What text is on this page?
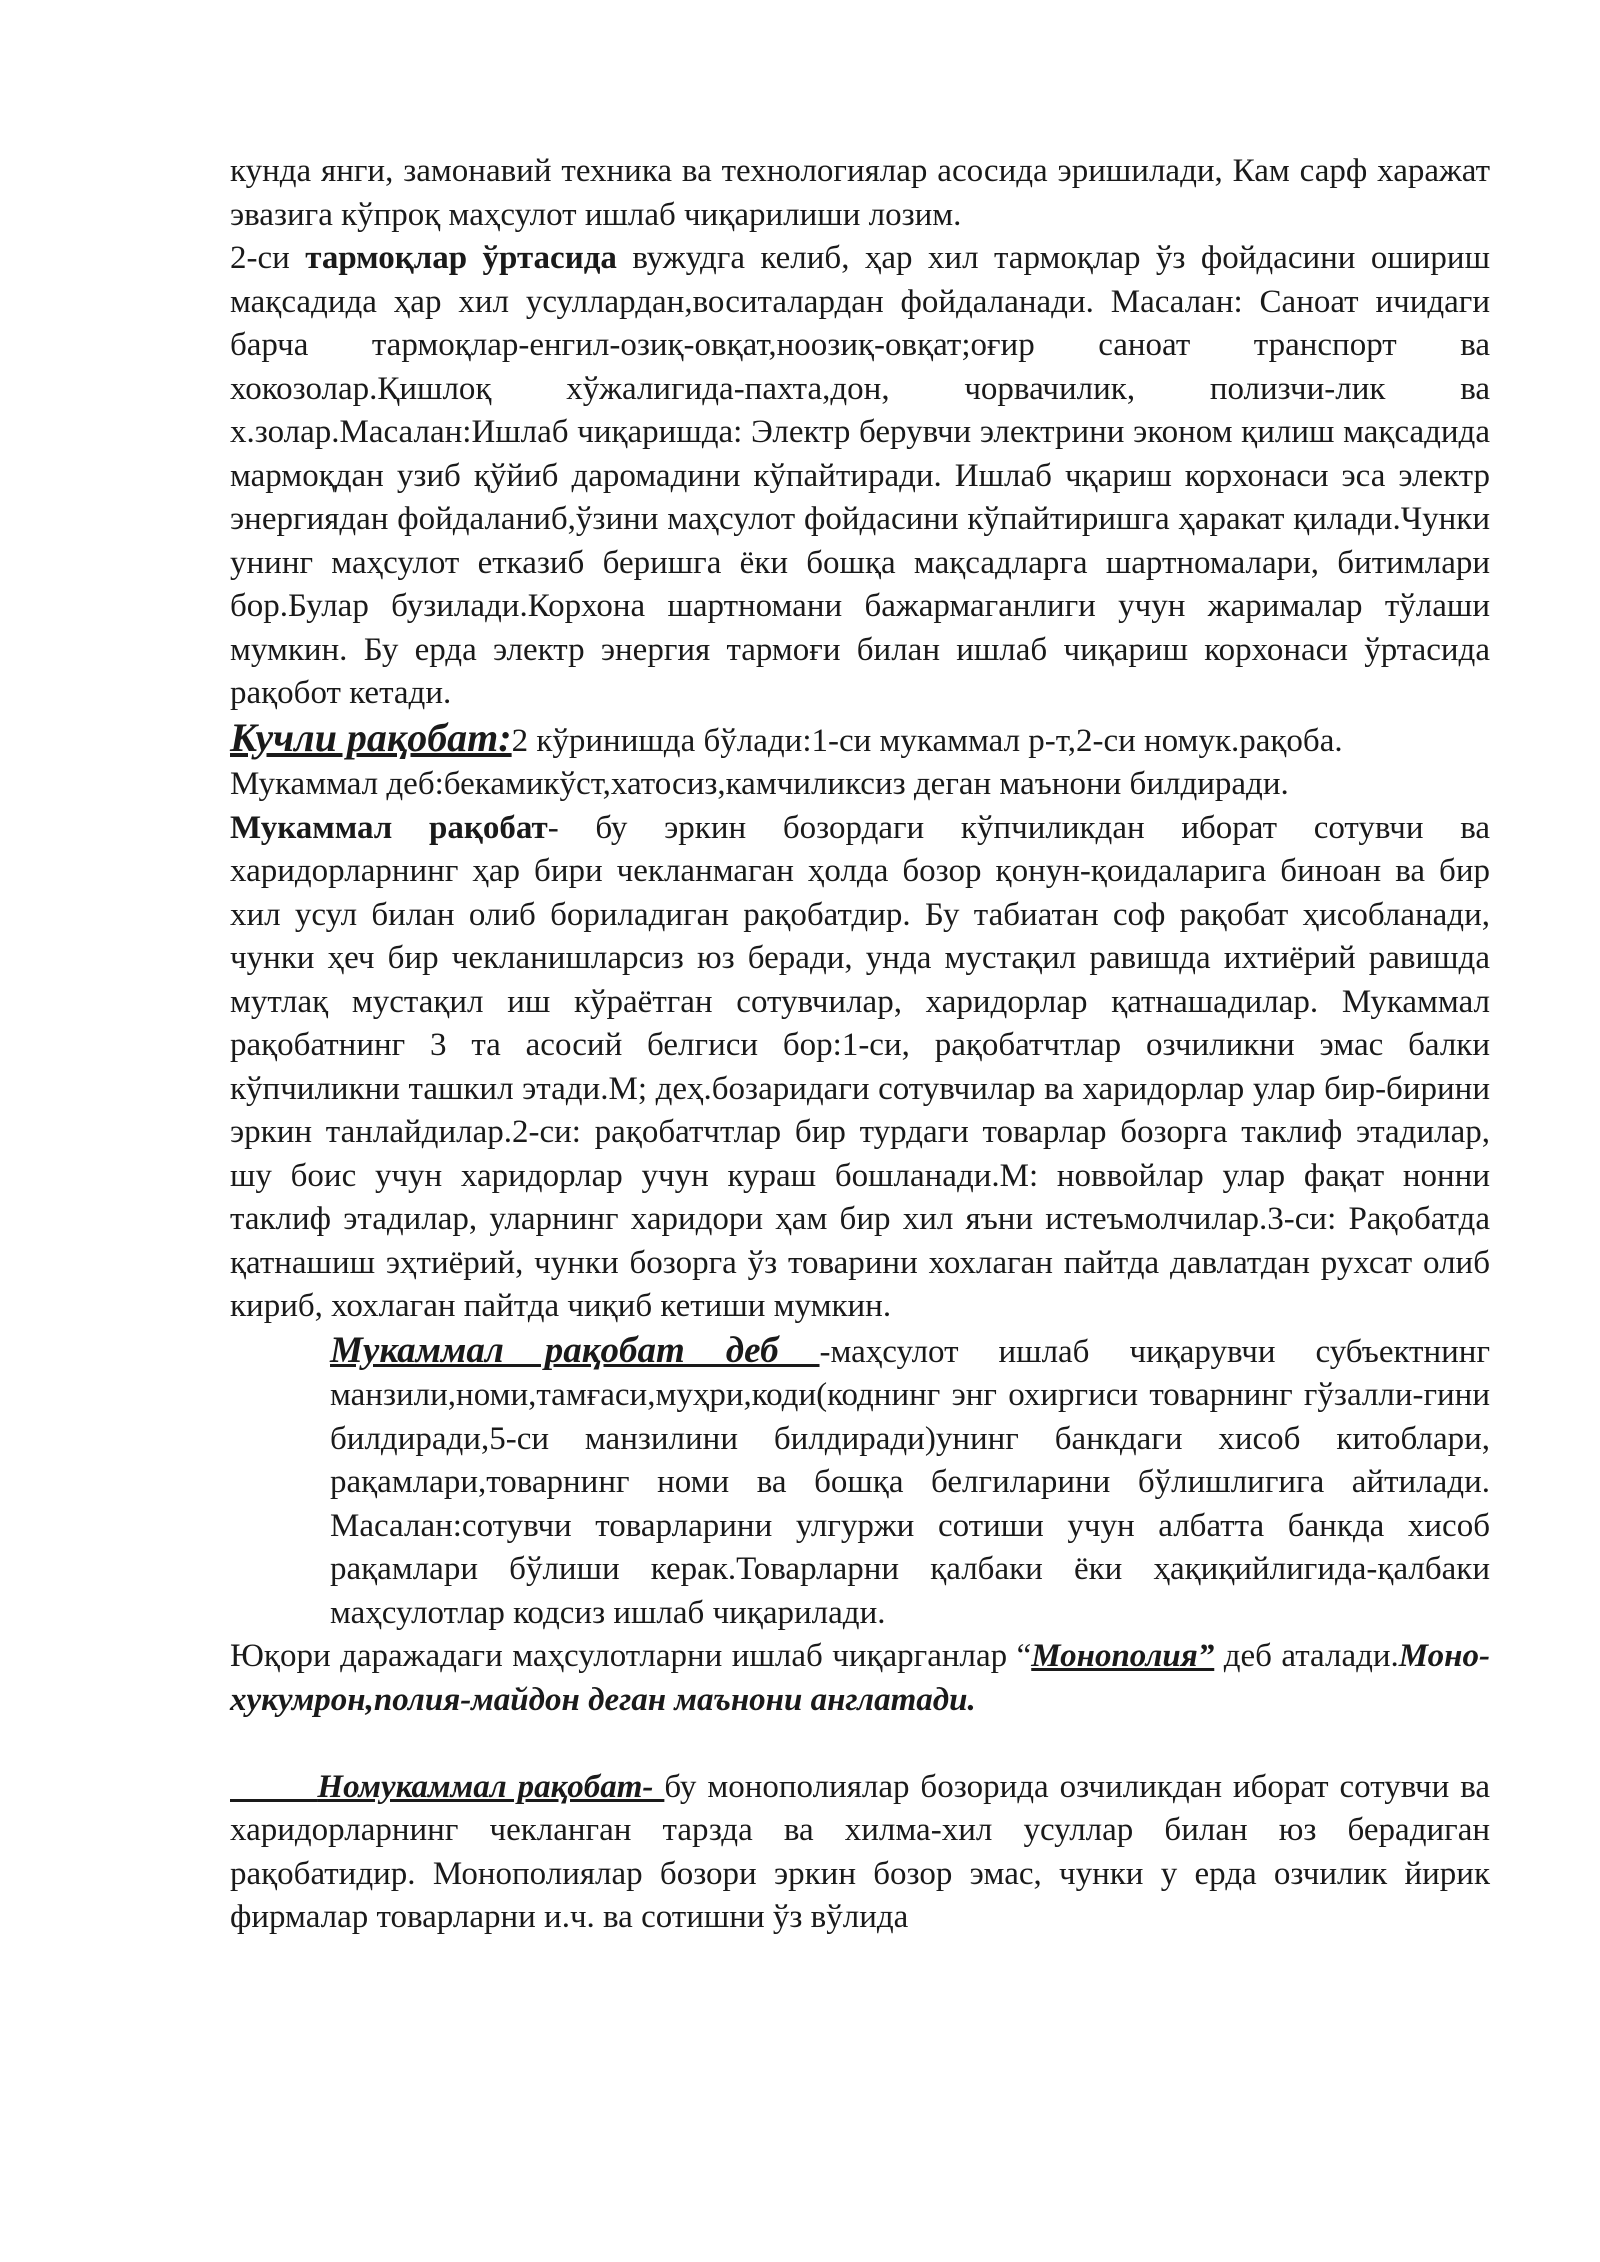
кунда янги, замонавий техника ва технологиялар асосида эришилади, Кам сарф харажат эвазига кўпроқ маҳсулот ишлаб чиқарилиши лозим.

2-си тармоқлар ўртасида вужудга келиб, ҳар хил тармоқлар ўз фойдасини ошириш мақсадида ҳар хил усуллардан,воситалардан фойдаланади. Масалан: Саноат ичидаги барча тармоқлар-енгил-озиқ-овқат,ноозиқ-овқат;оғир саноат транспорт ва хокозолар.Қишлоқ хўжалигида-пахта,дон, чорвачилик, полизчи-лик ва х.золар.Масалан:Ишлаб чиқаришда: Электр берувчи электрини эконом қилиш мақсадида мармоқдан узиб қўйиб даромадини кўпайтиради. Ишлаб чқариш корхонаси эса электр энергиядан фойдаланиб,ўзини маҳсулот фойдасини кўпайтиришга ҳаракат қилади.Чунки унинг маҳсулот етказиб беришга ёки бошқа мақсадларга шартномалари, битимлари бор.Булар бузилади.Корхона шартномани бажармаганлиги учун жарималар тўлаши мумкин. Бу ерда электр энергия тармоғи билан ишлаб чиқариш корхонаси ўртасида рақобот кетади.

Кучли рақобат:2 кўринишда бўлади:1-си мукаммал р-т,2-си номук.рақоба.

Мукаммал деб:бекамикўст,хатосиз,камчиликсиз деган маънони билдиради.

Мукаммал рақобат- бу эркин бозордаги кўпчиликдан иборат сотувчи ва харидорларнинг ҳар бири чекланмаган ҳолда бозор қонун-қоидаларига биноан ва бир хил усул билан олиб бориладиган рақобатдир. Бу табиатан соф рақобат ҳисобланади, чунки ҳеч бир чекланишларсиз юз беради, унда мустақил равишда ихтиёрий равишда мутлақ мустақил иш кўраётган сотувчилар, харидорлар қатнашадилар. Мукаммал рақобатнинг 3 та асосий белгиси бор:1-си, рақобатчтлар озчиликни эмас балки кўпчиликни ташкил этади.М; деҳ.бозаридаги сотувчилар ва харидорлар улар бир-бирини эркин танлайдилар.2-си: рақобатчтлар бир турдаги товарлар бозорга таклиф этадилар, шу боис учун харидорлар учун кураш бошланади.М: новвойлар улар фақат нонни таклиф этадилар, уларнинг харидори ҳам бир хил яъни истеъмолчилар.3-си: Рақобатда қатнашиш эҳтиёрий, чунки бозорга ўз товарини хохлаган пайтда давлатдан рухсат олиб кириб, хохлаган пайтда чиқиб кетиши мумкин.

Мукаммал рақобат деб -маҳсулот ишлаб чиқарувчи субъектнинг манзили,номи,тамғаси,муҳри,коди(коднинг энг охиргиси товарнинг гўзалли-гини билдиради,5-си манзилини билдиради)унинг банкдаги хисоб китоблари, рақамлари,товарнинг номи ва бошқа белгиларини бўлишлигига айтилади. Масалан:сотувчи товарларини улгуржи сотиши учун албатта банкда хисоб рақамлари бўлиши керак.Товарларни қалбаки ёки ҳақиқийлигида-қалбаки маҳсулотлар кодсиз ишлаб чиқарилади.

Юқори даражадаги маҳсулотларни ишлаб чиқарганлар “Монополия” деб аталади.Моно- хукумрон,полия-майдон деган маънони англатади.

Номукаммал рақобат- бу монополиялар бозорида озчиликдан иборат сотувчи ва харидорларнинг чекланган тарзда ва хилма-хил усуллар билан юз берадиган рақобатидир. Монополиялар бозори эркин бозор эмас, чунки у ерда озчилик йирик фирмалар товарларни и.ч. ва сотишни ўз вўлида
